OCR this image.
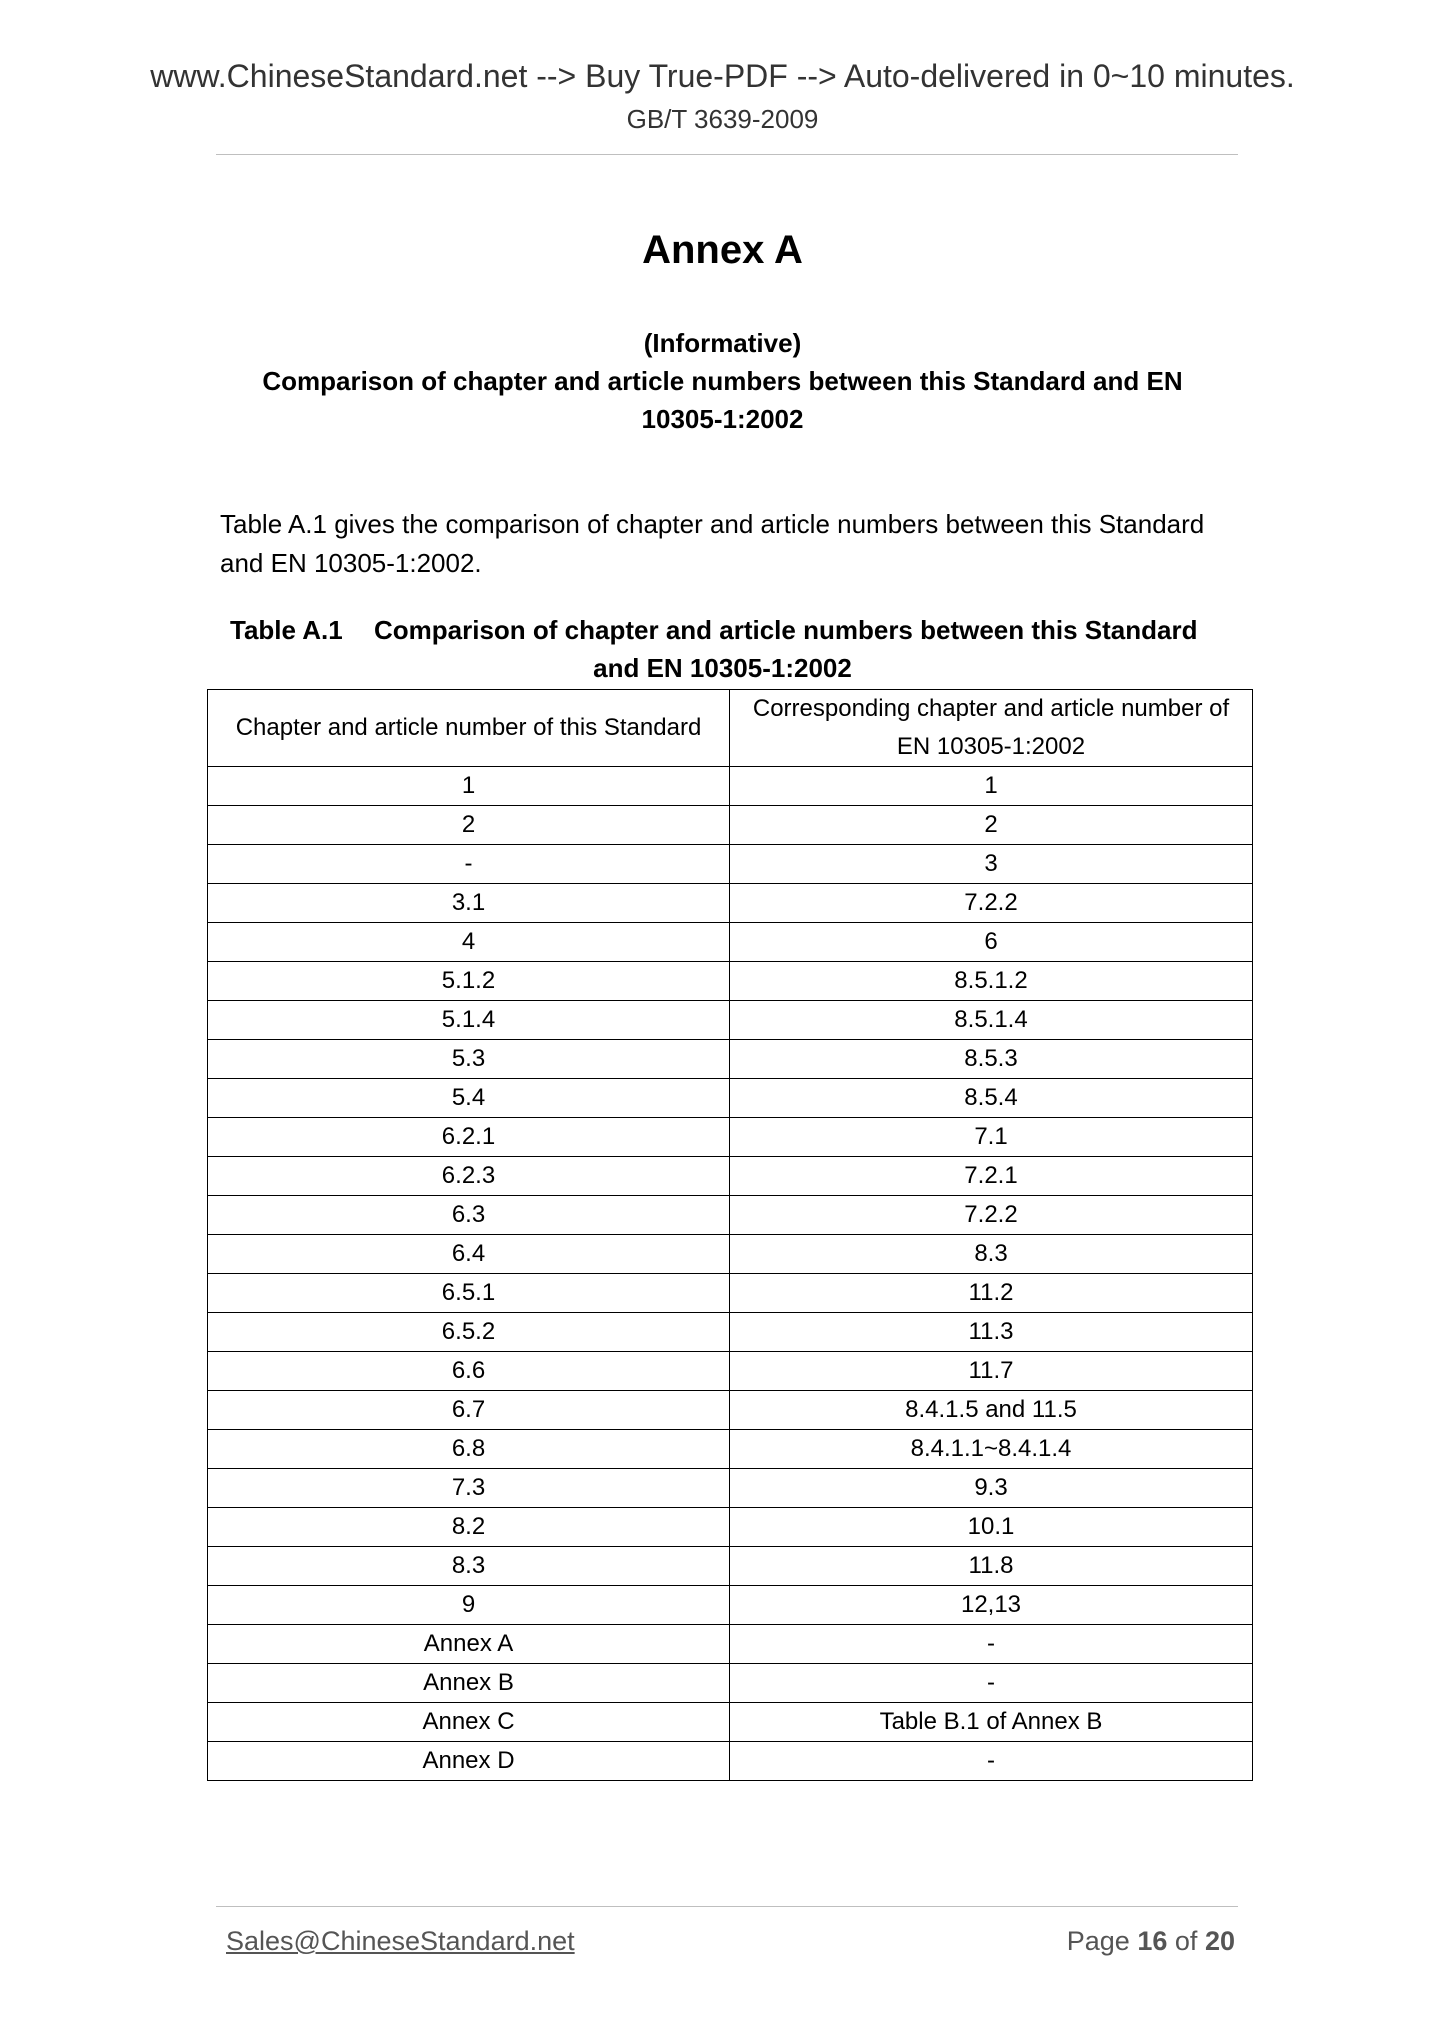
www.ChineseStandard.net --> Buy True-PDF --> Auto-delivered in 0~10 minutes.
GB/T 3639-2009
Annex A
(Informative)
Comparison of chapter and article numbers between this Standard and EN
10305-1:2002
Table A.1 gives the comparison of chapter and article numbers between this Standard and EN 10305-1:2002.
Table A.1 Comparison of chapter and article numbers between this Standard
and EN 10305-1:2002
Chapter and article number of this Standard	Corresponding chapter and article number of
EN 10305-1:2002

1	1
2	2
-	3
3.1	7.2.2
4	6
5.1.2	8.5.1.2
5.1.4	8.5.1.4
5.3	8.5.3
5.4	8.5.4
6.2.1	7.1
6.2.3	7.2.1
6.3	7.2.2
6.4	8.3
6.5.1	11.2
6.5.2	11.3
6.6	11.7
6.7	8.4.1.5 and 11.5
6.8	8.4.1.1~8.4.1.4
7.3	9.3
8.2	10.1
8.3	11.8
9	12,13
Annex A	-
Annex B	-
Annex C	Table B.1 of Annex B
Annex D	-
Sales@ChineseStandard.net	Page 16 of 20
